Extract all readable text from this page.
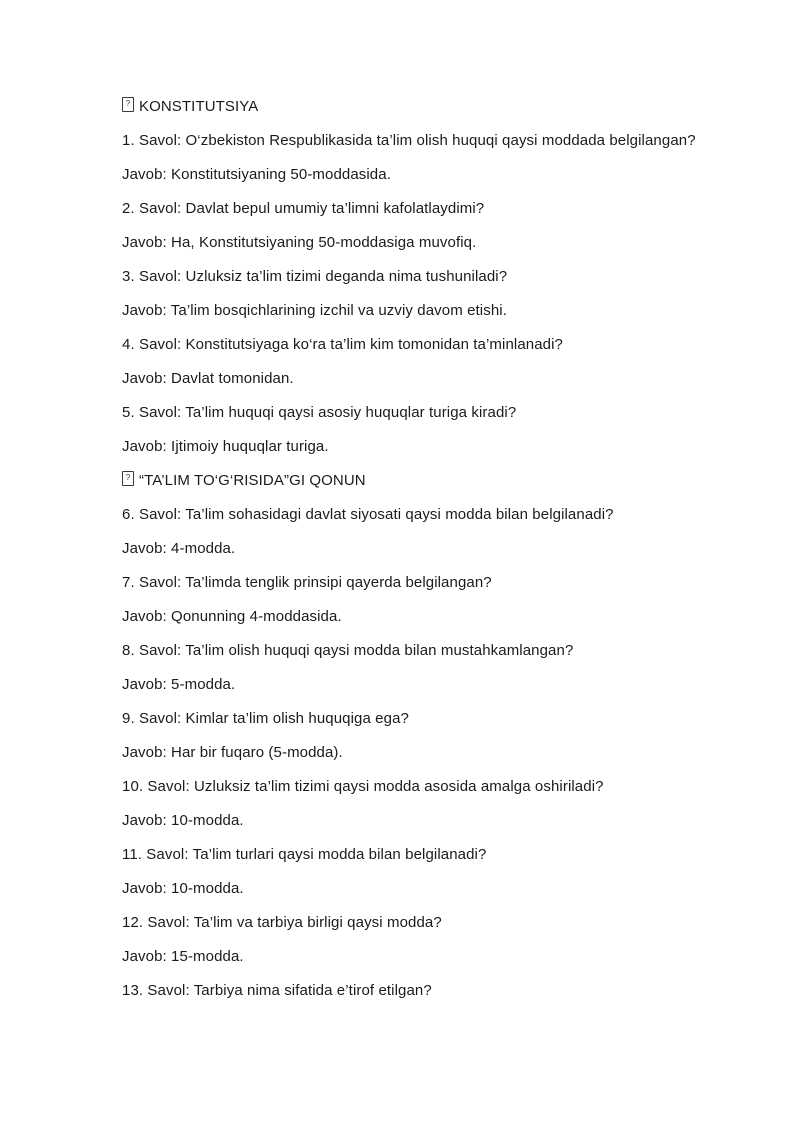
? KONSTITUTSIYA

1. Savol: O‘zbekiston Respublikasida ta’lim olish huquqi qaysi moddada belgilangan?

Javob: Konstitutsiyaning 50-moddasida.

2. Savol: Davlat bepul umumiy ta’limni kafolatlaydimi?

Javob: Ha, Konstitutsiyaning 50-moddasiga muvofiq.

3. Savol: Uzluksiz ta’lim tizimi deganda nima tushuniladi?

Javob: Ta’lim bosqichlarining izchil va uzviy davom etishi.

4. Savol: Konstitutsiyaga ko‘ra ta’lim kim tomonidan ta’minlanadi?

Javob: Davlat tomonidan.

5. Savol: Ta’lim huquqi qaysi asosiy huquqlar turiga kiradi?

Javob: Ijtimoiy huquqlar turiga.

? “TA’LIM TO‘G‘RISIDA”GI QONUN

6. Savol: Ta’lim sohasidagi davlat siyosati qaysi modda bilan belgilanadi?

Javob: 4-modda.

7. Savol: Ta’limda tenglik prinsipi qayerda belgilangan?

Javob: Qonunning 4-moddasida.

8. Savol: Ta’lim olish huquqi qaysi modda bilan mustahkamlangan?

Javob: 5-modda.

9. Savol: Kimlar ta’lim olish huquqiga ega?

Javob: Har bir fuqaro (5-modda).

10. Savol: Uzluksiz ta’lim tizimi qaysi modda asosida amalga oshiriladi?

Javob: 10-modda.

11. Savol: Ta’lim turlari qaysi modda bilan belgilanadi?

Javob: 10-modda.

12. Savol: Ta’lim va tarbiya birligi qaysi modda?

Javob: 15-modda.

13. Savol: Tarbiya nima sifatida e’tirof etilgan?
